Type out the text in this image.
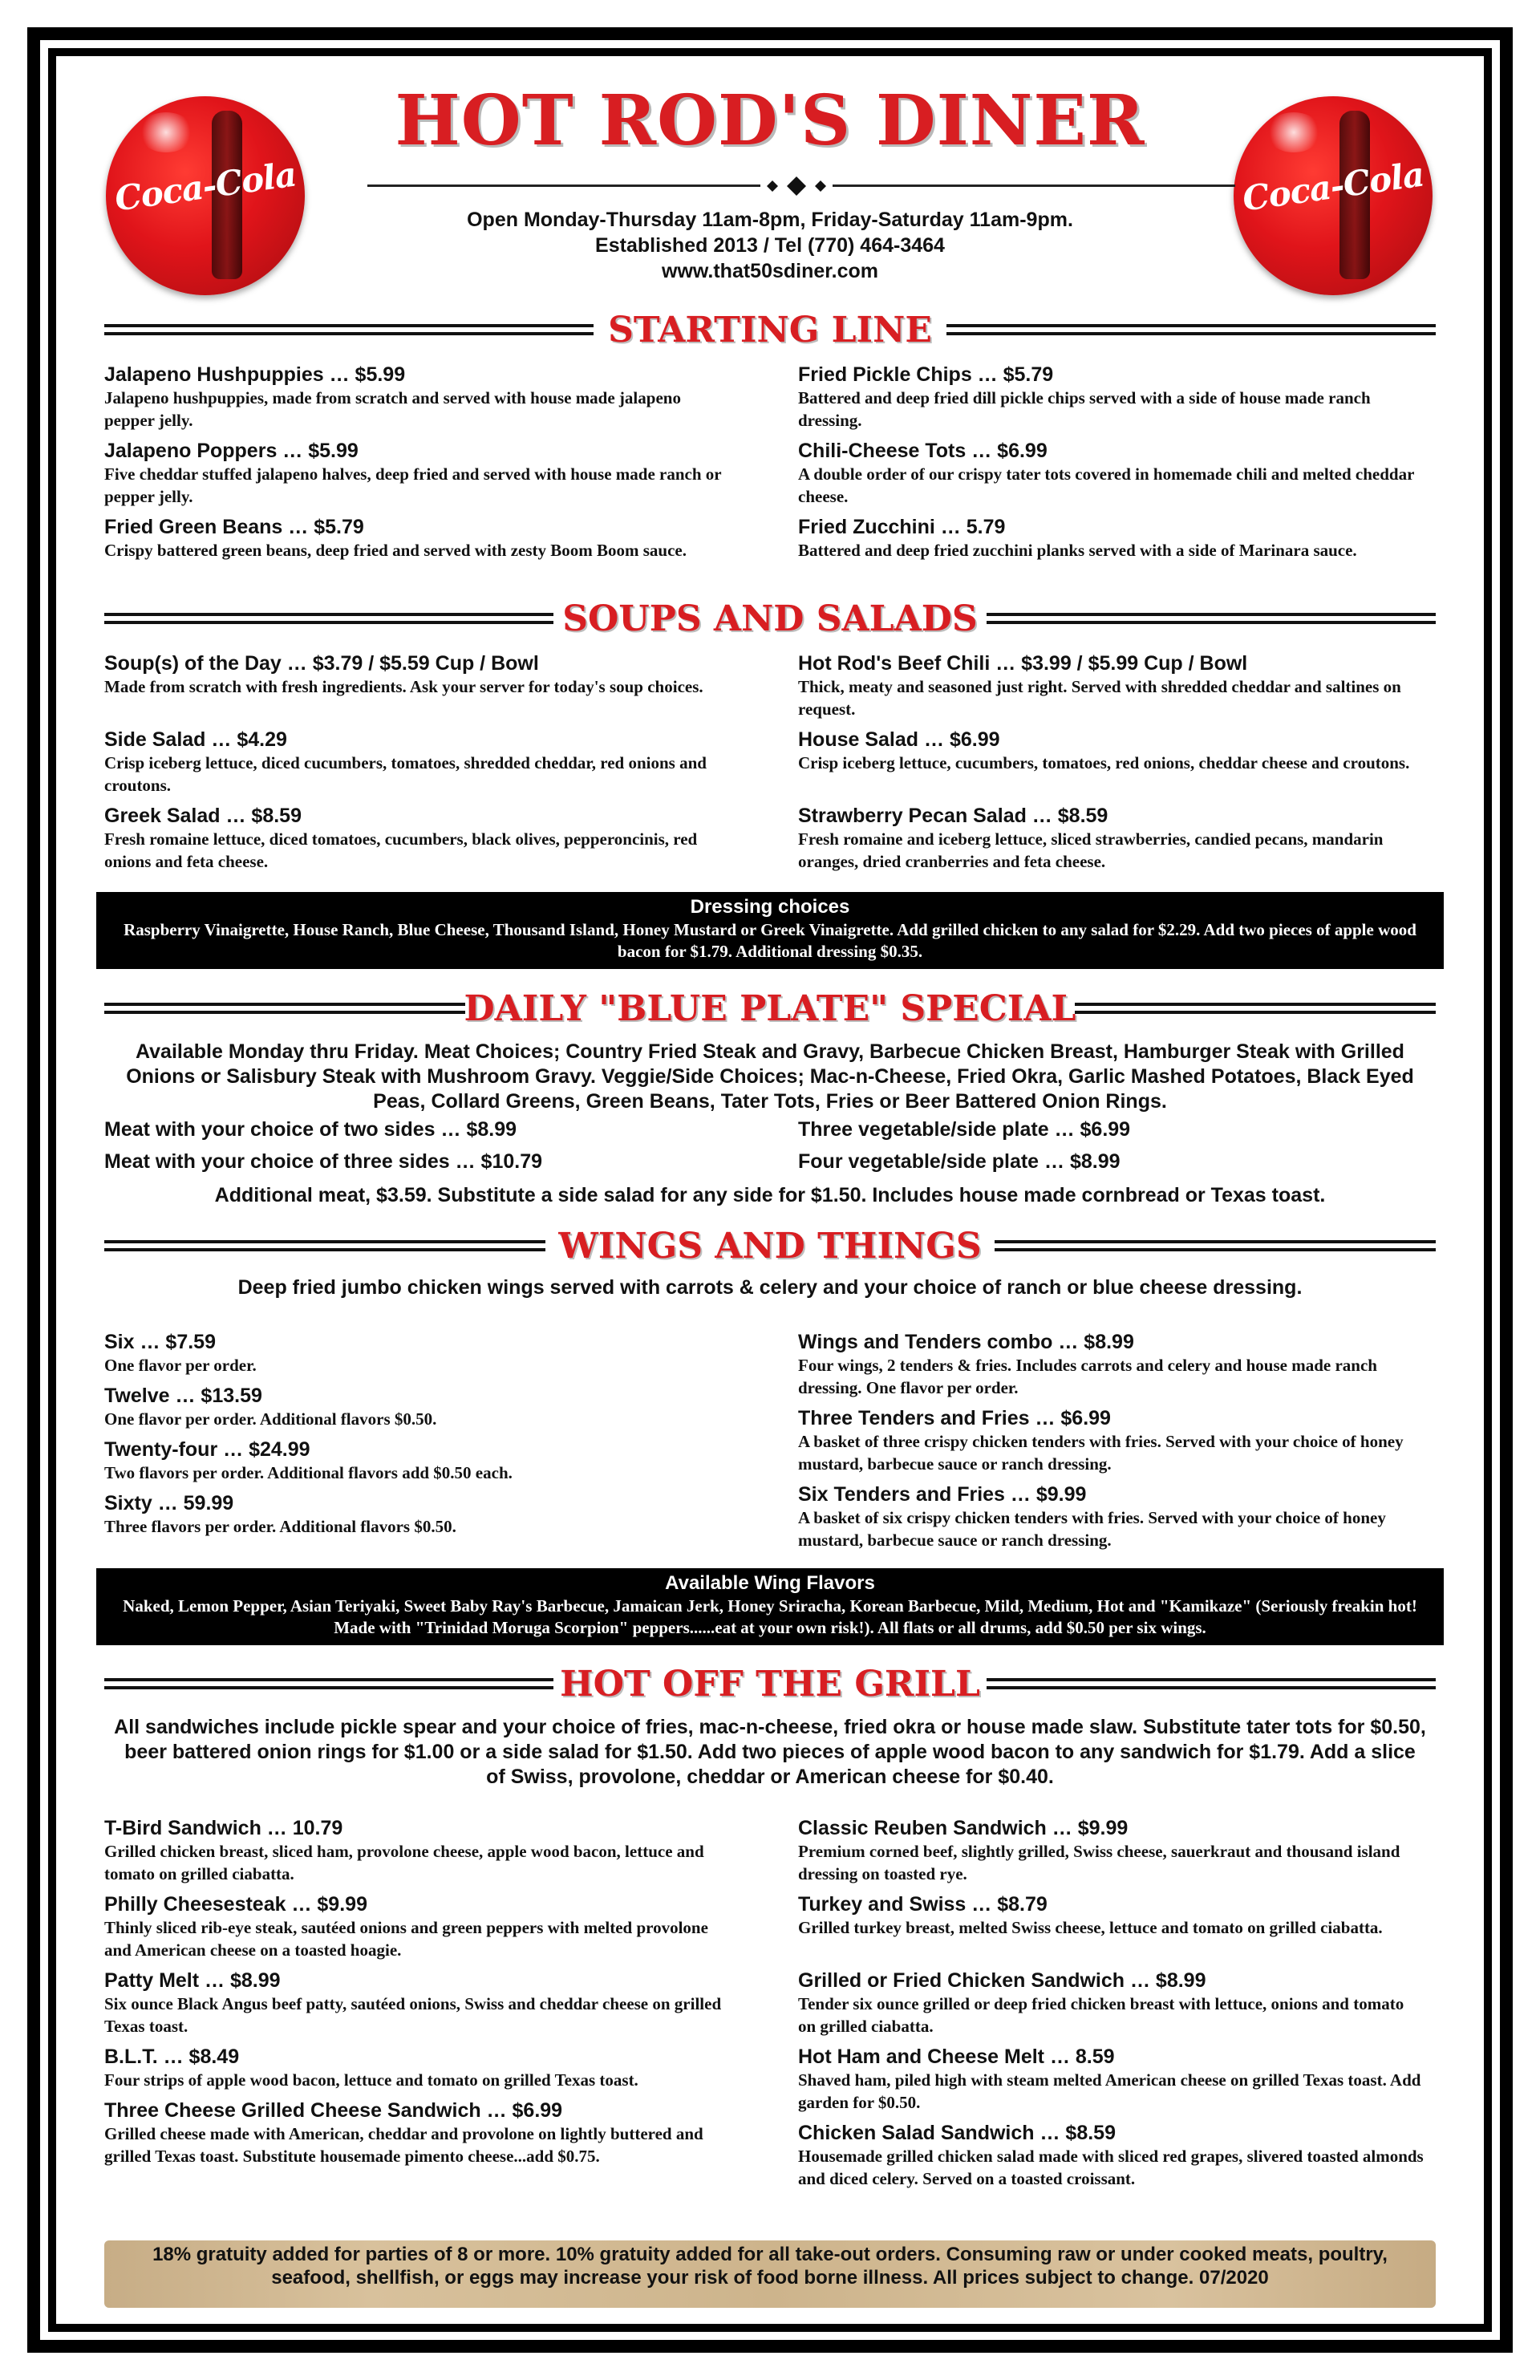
Coca-Cola	Coca-Cola
HOT ROD'S DINER
Open Monday-Thursday 11am-8pm, Friday-Saturday 11am-9pm.
Established 2013 / Tel (770) 464-3464
www.that50sdiner.com
STARTING LINE
Jalapeno Hushpuppies … $5.99
Jalapeno hushpuppies, made from scratch and served with house made jalapeno pepper jelly.
Jalapeno Poppers … $5.99
Five cheddar stuffed jalapeno halves, deep fried and served with house made ranch or pepper jelly.
Fried Green Beans … $5.79
Crispy battered green beans, deep fried and served with zesty Boom Boom sauce.
Fried Pickle Chips … $5.79
Battered and deep fried dill pickle chips served with a side of house made ranch dressing.
Chili-Cheese Tots … $6.99
A double order of our crispy tater tots covered in homemade chili and melted cheddar cheese.
Fried Zucchini … 5.79
Battered and deep fried zucchini planks served with a side of Marinara sauce.
SOUPS AND SALADS
Soup(s) of the Day … $3.79 / $5.59 Cup / Bowl
Made from scratch with fresh ingredients. Ask your server for today's soup choices.
Side Salad … $4.29
Crisp iceberg lettuce, diced cucumbers, tomatoes, shredded cheddar, red onions and croutons.
Greek Salad … $8.59
Fresh romaine lettuce, diced tomatoes, cucumbers, black olives, pepperoncinis, red onions and feta cheese.
Hot Rod's Beef Chili … $3.99 / $5.99 Cup / Bowl
Thick, meaty and seasoned just right. Served with shredded cheddar and saltines on request.
House Salad … $6.99
Crisp iceberg lettuce, cucumbers, tomatoes, red onions, cheddar cheese and croutons.
Strawberry Pecan Salad … $8.59
Fresh romaine and iceberg lettuce, sliced strawberries, candied pecans, mandarin oranges, dried cranberries and feta cheese.
Dressing choices
Raspberry Vinaigrette, House Ranch, Blue Cheese, Thousand Island, Honey Mustard or Greek Vinaigrette. Add grilled chicken to any salad for $2.29. Add two pieces of apple wood bacon for $1.79. Additional dressing $0.35.
DAILY "BLUE PLATE" SPECIAL
Available Monday thru Friday. Meat Choices; Country Fried Steak and Gravy, Barbecue Chicken Breast, Hamburger Steak with Grilled Onions or Salisbury Steak with Mushroom Gravy. Veggie/Side Choices; Mac-n-Cheese, Fried Okra, Garlic Mashed Potatoes, Black Eyed Peas, Collard Greens, Green Beans, Tater Tots, Fries or Beer Battered Onion Rings.
Meat with your choice of two sides … $8.99
Meat with your choice of three sides … $10.79
Three vegetable/side plate … $6.99
Four vegetable/side plate … $8.99
Additional meat, $3.59. Substitute a side salad for any side for $1.50. Includes house made cornbread or Texas toast.
WINGS AND THINGS
Deep fried jumbo chicken wings served with carrots & celery and your choice of ranch or blue cheese dressing.
Six … $7.59
One flavor per order.
Twelve … $13.59
One flavor per order. Additional flavors $0.50.
Twenty-four … $24.99
Two flavors per order. Additional flavors add $0.50 each.
Sixty … 59.99
Three flavors per order. Additional flavors $0.50.
Wings and Tenders combo … $8.99
Four wings, 2 tenders & fries. Includes carrots and celery and house made ranch dressing. One flavor per order.
Three Tenders and Fries … $6.99
A basket of three crispy chicken tenders with fries. Served with your choice of honey mustard, barbecue sauce or ranch dressing.
Six Tenders and Fries … $9.99
A basket of six crispy chicken tenders with fries. Served with your choice of honey mustard, barbecue sauce or ranch dressing.
Available Wing Flavors
Naked, Lemon Pepper, Asian Teriyaki, Sweet Baby Ray's Barbecue, Jamaican Jerk, Honey Sriracha, Korean Barbecue, Mild, Medium, Hot and "Kamikaze" (Seriously freakin hot! Made with "Trinidad Moruga Scorpion" peppers......eat at your own risk!). All flats or all drums, add $0.50 per six wings.
HOT OFF THE GRILL
All sandwiches include pickle spear and your choice of fries, mac-n-cheese, fried okra or house made slaw. Substitute tater tots for $0.50, beer battered onion rings for $1.00 or a side salad for $1.50. Add two pieces of apple wood bacon to any sandwich for $1.79. Add a slice of Swiss, provolone, cheddar or American cheese for $0.40.
T-Bird Sandwich … 10.79
Grilled chicken breast, sliced ham, provolone cheese, apple wood bacon, lettuce and tomato on grilled ciabatta.
Philly Cheesesteak … $9.99
Thinly sliced rib-eye steak, sautéed onions and green peppers with melted provolone and American cheese on a toasted hoagie.
Patty Melt … $8.99
Six ounce Black Angus beef patty, sautéed onions, Swiss and cheddar cheese on grilled Texas toast.
B.L.T. … $8.49
Four strips of apple wood bacon, lettuce and tomato on grilled Texas toast.
Three Cheese Grilled Cheese Sandwich … $6.99
Grilled cheese made with American, cheddar and provolone on lightly buttered and grilled Texas toast. Substitute housemade pimento cheese...add $0.75.
Classic Reuben Sandwich … $9.99
Premium corned beef, slightly grilled, Swiss cheese, sauerkraut and thousand island dressing on toasted rye.
Turkey and Swiss … $8.79
Grilled turkey breast, melted Swiss cheese, lettuce and tomato on grilled ciabatta.
Grilled or Fried Chicken Sandwich … $8.99
Tender six ounce grilled or deep fried chicken breast with lettuce, onions and tomato on grilled ciabatta.
Hot Ham and Cheese Melt … 8.59
Shaved ham, piled high with steam melted American cheese on grilled Texas toast. Add garden for $0.50.
Chicken Salad Sandwich … $8.59
Housemade grilled chicken salad made with sliced red grapes, slivered toasted almonds and diced celery. Served on a toasted croissant.
18% gratuity added for parties of 8 or more. 10% gratuity added for all take-out orders. Consuming raw or under cooked meats, poultry, seafood, shellfish, or eggs may increase your risk of food borne illness. All prices subject to change. 07/2020
